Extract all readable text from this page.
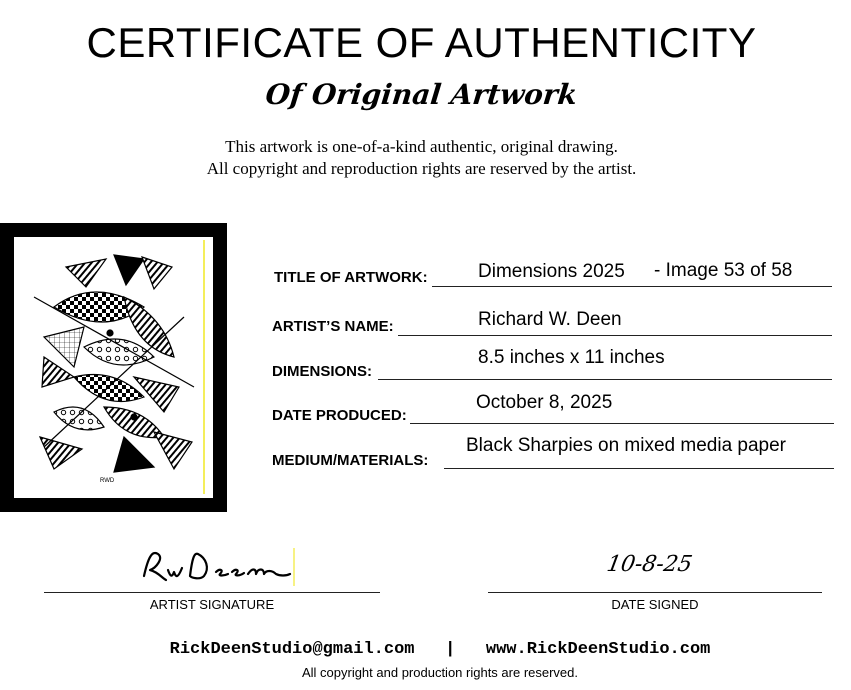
CERTIFICATE OF AUTHENTICITY
Of Original Artwork
This artwork is one-of-a-kind authentic, original drawing.
All copyright and reproduction rights are reserved by the artist.
RWD
TITLE OF ARTWORK:	Dimensions 2025 - Image 53 of 58
ARTIST’S NAME:	Richard W. Deen
DIMENSIONS:
8.5 inches x 11 inches
DATE PRODUCED:
October 8, 2025
MEDIUM/MATERIALS:
Black Sharpies on mixed media paper
ARTIST SIGNATURE
10-8-25
DATE SIGNED
RickDeenStudio@gmail.com | www.RickDeenStudio.com
All copyright and production rights are reserved.
